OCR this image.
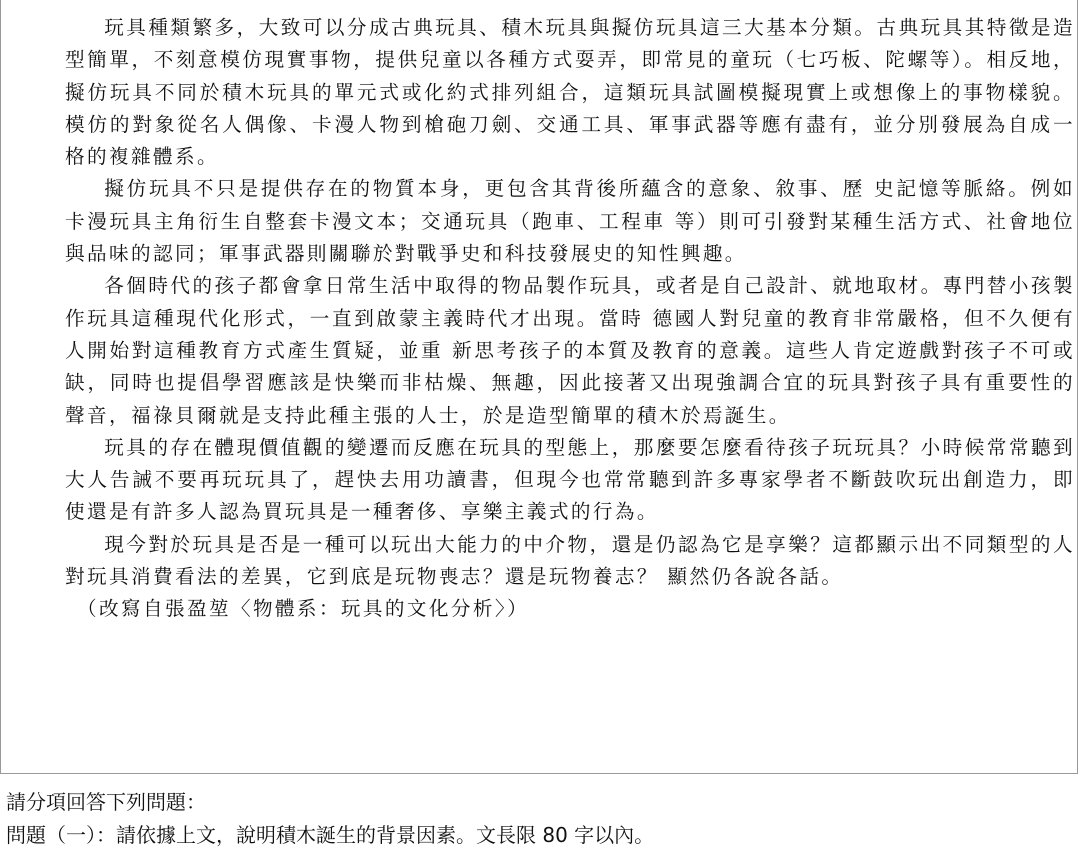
玩具種類繁多，大致可以分成古典玩具、積木玩具與擬仿玩具這三大基本分類。古典玩具其特徵是造型簡單，不刻意模仿現實事物，提供兒童以各種方式耍弄，即常見的童玩（七巧板、陀螺等）。相反地，擬仿玩具不同於積木玩具的單元式或化約式排列組合，這類玩具試圖模擬現實上或想像上的事物樣貌。模仿的對象從名人偶像、卡漫人物到槍砲刀劍、交通工具、軍事武器等應有盡有，並分別發展為自成一格的複雜體系。

擬仿玩具不只是提供存在的物質本身，更包含其背後所蘊含的意象、敘事、歷 史記憶等脈絡。例如卡漫玩具主角衍生自整套卡漫文本；交通玩具（跑車、工程車 等）則可引發對某種生活方式、社會地位與品味的認同；軍事武器則關聯於對戰爭史和科技發展史的知性興趣。

各個時代的孩子都會拿日常生活中取得的物品製作玩具，或者是自己設計、就地取材。專門替小孩製作玩具這種現代化形式，一直到啟蒙主義時代才出現。當時 德國人對兒童的教育非常嚴格，但不久便有人開始對這種教育方式產生質疑，並重 新思考孩子的本質及教育的意義。這些人肯定遊戲對孩子不可或缺，同時也提倡學習應該是快樂而非枯燥、無趣，因此接著又出現強調合宜的玩具對孩子具有重要性的聲音，福祿貝爾就是支持此種主張的人士，於是造型簡單的積木於焉誕生。

玩具的存在體現價值觀的變遷而反應在玩具的型態上，那麼要怎麼看待孩子玩玩具？小時候常常聽到大人告誡不要再玩玩具了，趕快去用功讀書，但現今也常常聽到許多專家學者不斷鼓吹玩出創造力，即使還是有許多人認為買玩具是一種奢侈、享樂主義式的行為。

現今對於玩具是否是一種可以玩出大能力的中介物，還是仍認為它是享樂？這都顯示出不同類型的人對玩具消費看法的差異，它到底是玩物喪志？還是玩物養志？ 顯然仍各說各話。

（改寫自張盈堃〈物體系：玩具的文化分析〉）

請分項回答下列問題：
問題（一）：請依據上文，說明積木誕生的背景因素。文長限 80 字以內。
